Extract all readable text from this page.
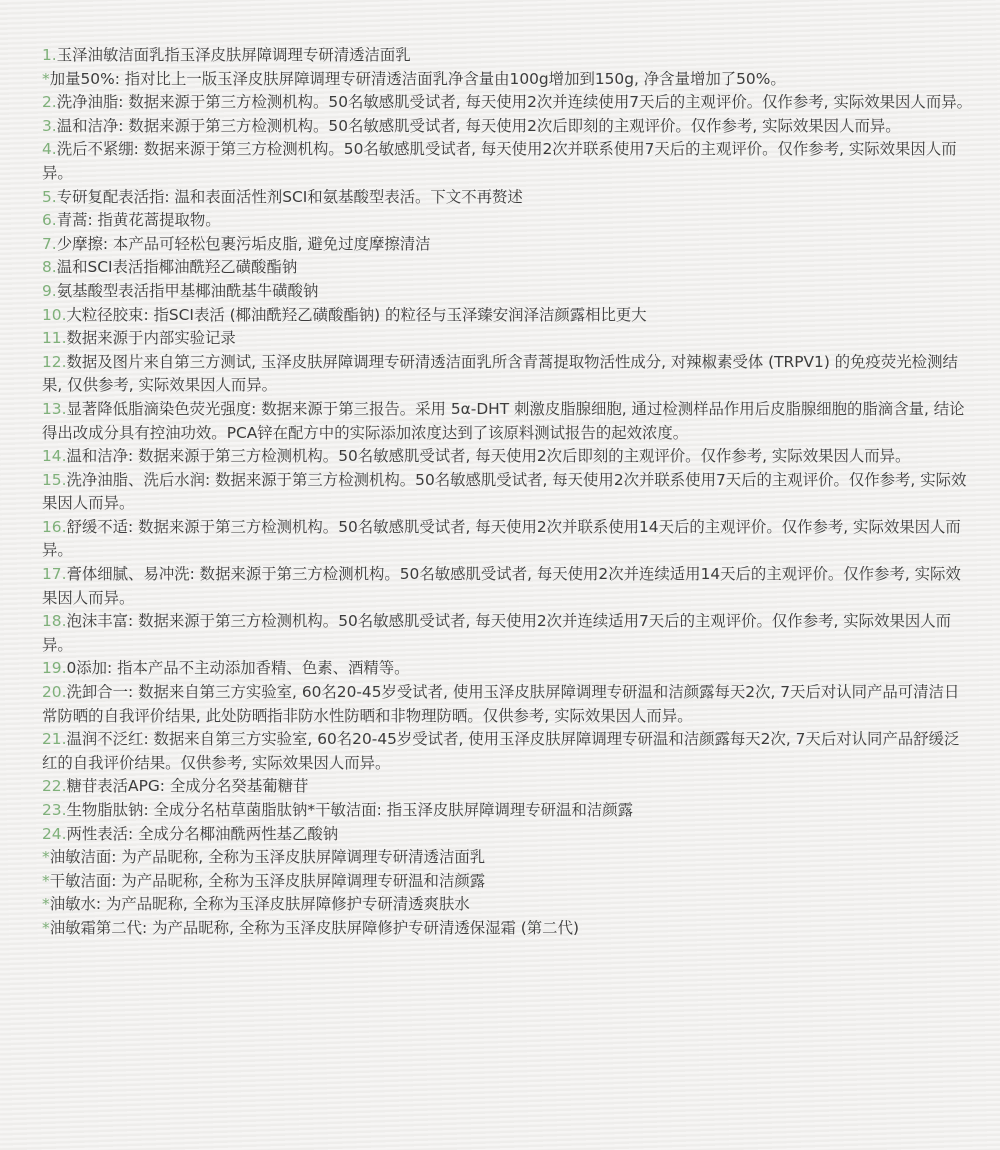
1.玉泽油敏洁面乳指玉泽皮肤屏障调理专研清透洁面乳
*加量50%: 指对比上一版玉泽皮肤屏障调理专研清透洁面乳净含量由100g增加到150g, 净含量增加了50%。
2.洗净油脂: 数据来源于第三方检测机构。50名敏感肌受试者, 每天使用2次并连续使用7天后的主观评价。仅作参考, 实际效果因人而异。
3.温和洁净: 数据来源于第三方检测机构。50名敏感肌受试者, 每天使用2次后即刻的主观评价。仅作参考, 实际效果因人而异。
4.洗后不紧绷: 数据来源于第三方检测机构。50名敏感肌受试者, 每天使用2次并联系使用7天后的主观评价。仅作参考, 实际效果因人而异。
5.专研复配表活指: 温和表面活性剂SCI和氨基酸型表活。下文不再赘述
6.青蒿: 指黄花蒿提取物。
7.少摩擦: 本产品可轻松包裹污垢皮脂, 避免过度摩擦清洁
8.温和SCI表活指椰油酰羟乙磺酸酯钠
9.氨基酸型表活指甲基椰油酰基牛磺酸钠
10.大粒径胶束: 指SCI表活 (椰油酰羟乙磺酸酯钠) 的粒径与玉泽臻安润泽洁颜露相比更大
11.数据来源于内部实验记录
12.数据及图片来自第三方测试, 玉泽皮肤屏障调理专研清透洁面乳所含青蒿提取物活性成分, 对辣椒素受体 (TRPV1) 的免疫荧光检测结果, 仅供参考, 实际效果因人而异。
13.显著降低脂滴染色荧光强度: 数据来源于第三报告。采用 5α-DHT 刺激皮脂腺细胞, 通过检测样品作用后皮脂腺细胞的脂滴含量, 结论得出改成分具有控油功效。PCA锌在配方中的实际添加浓度达到了该原料测试报告的起效浓度。
14.温和洁净: 数据来源于第三方检测机构。50名敏感肌受试者, 每天使用2次后即刻的主观评价。仅作参考, 实际效果因人而异。
15.洗净油脂、洗后水润: 数据来源于第三方检测机构。50名敏感肌受试者, 每天使用2次并联系使用7天后的主观评价。仅作参考, 实际效果因人而异。
16.舒缓不适: 数据来源于第三方检测机构。50名敏感肌受试者, 每天使用2次并联系使用14天后的主观评价。仅作参考, 实际效果因人而异。
17.膏体细腻、易冲洗: 数据来源于第三方检测机构。50名敏感肌受试者, 每天使用2次并连续适用14天后的主观评价。仅作参考, 实际效果因人而异。
18.泡沫丰富: 数据来源于第三方检测机构。50名敏感肌受试者, 每天使用2次并连续适用7天后的主观评价。仅作参考, 实际效果因人而异。
19.0添加: 指本产品不主动添加香精、色素、酒精等。
20.洗卸合一: 数据来自第三方实验室, 60名20-45岁受试者, 使用玉泽皮肤屏障调理专研温和洁颜露每天2次, 7天后对认同产品可清洁日常防晒的自我评价结果, 此处防晒指非防水性防晒和非物理防晒。仅供参考, 实际效果因人而异。
21.温润不泛红: 数据来自第三方实验室, 60名20-45岁受试者, 使用玉泽皮肤屏障调理专研温和洁颜露每天2次, 7天后对认同产品舒缓泛红的自我评价结果。仅供参考, 实际效果因人而异。
22.糖苷表活APG: 全成分名癸基葡糖苷
23.生物脂肽钠: 全成分名枯草菌脂肽钠*干敏洁面: 指玉泽皮肤屏障调理专研温和洁颜露
24.两性表活: 全成分名椰油酰两性基乙酸钠
*油敏洁面: 为产品昵称, 全称为玉泽皮肤屏障调理专研清透洁面乳
*干敏洁面: 为产品昵称, 全称为玉泽皮肤屏障调理专研温和洁颜露
*油敏水: 为产品昵称, 全称为玉泽皮肤屏障修护专研清透爽肤水
*油敏霜第二代: 为产品昵称, 全称为玉泽皮肤屏障修护专研清透保湿霜 (第二代)
